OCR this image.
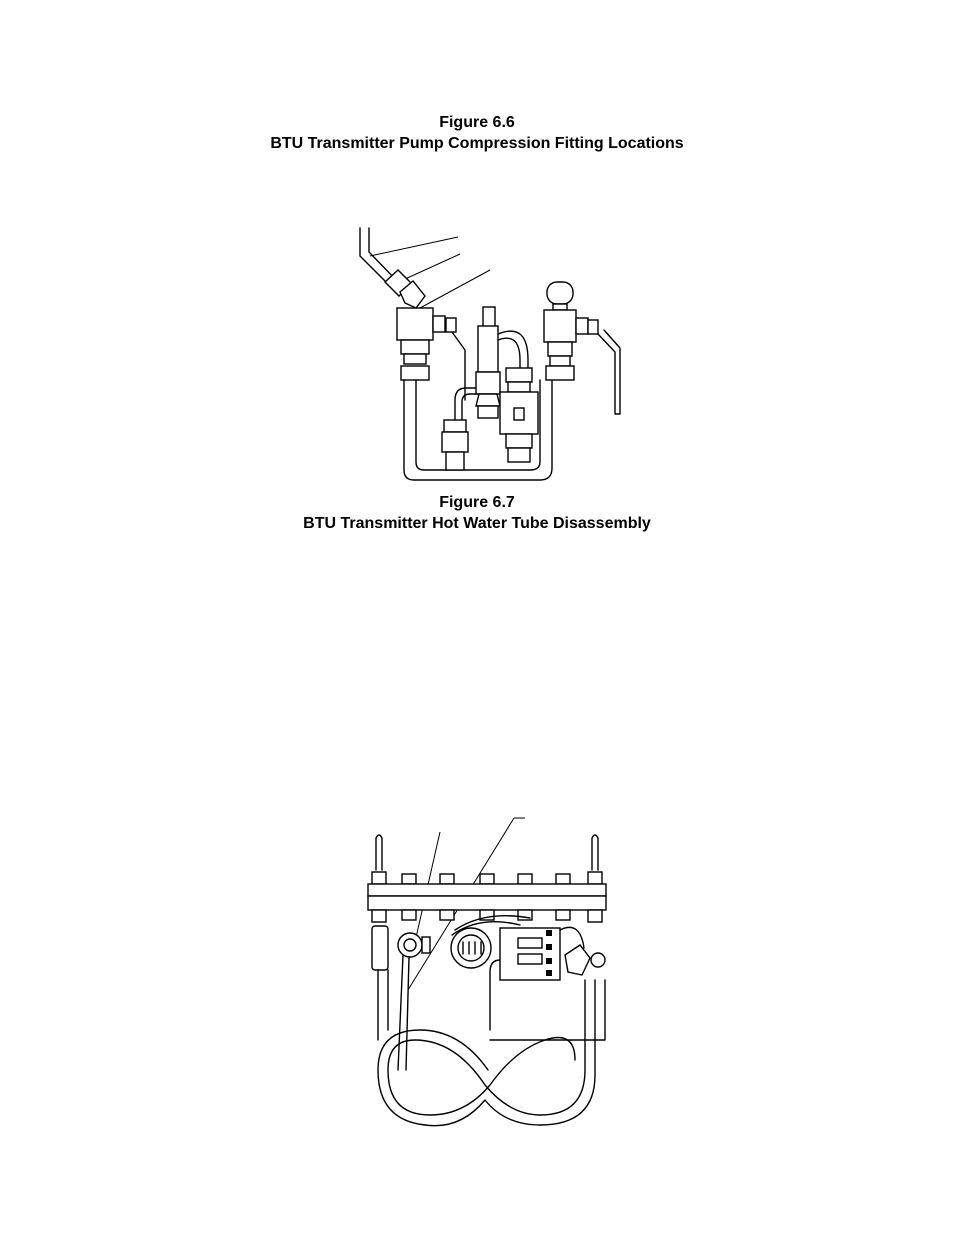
Figure 6.6
BTU Transmitter Pump Compression Fitting Locations
Figure 6.7
BTU Transmitter Hot Water Tube Disassembly
